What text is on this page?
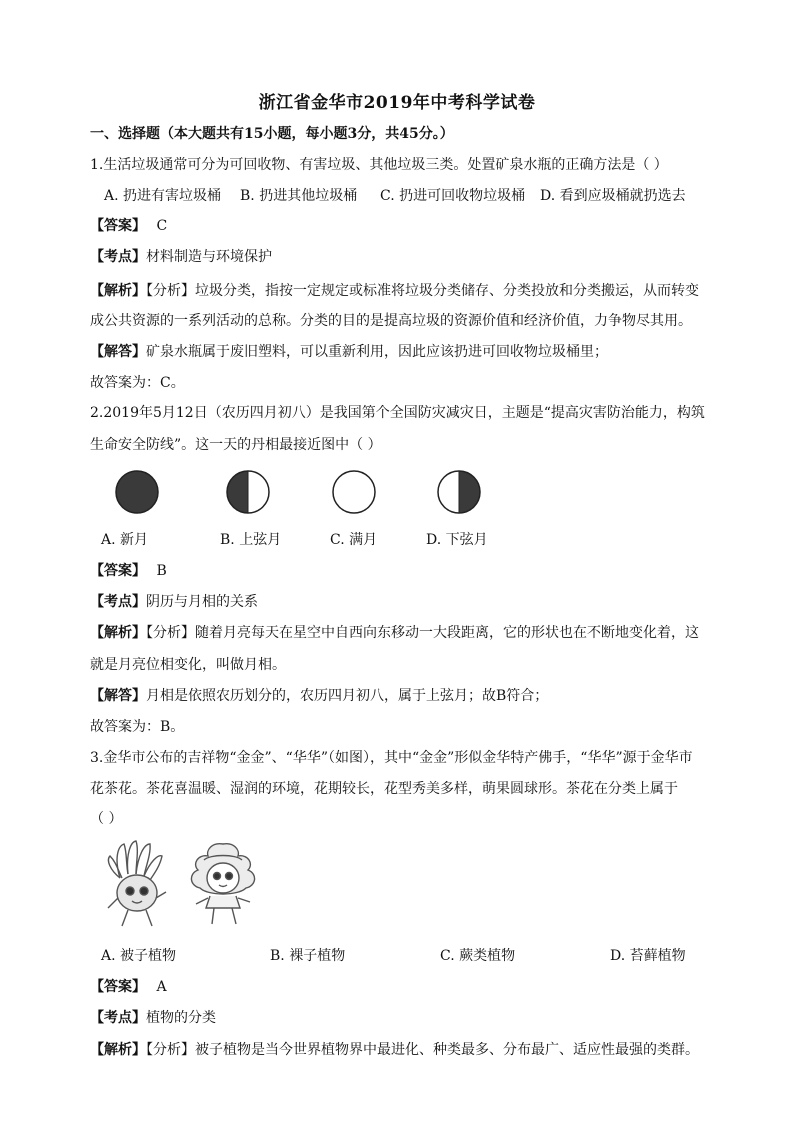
浙江省金华市2019年中考科学试卷
一、选择题（本大题共有15小题，每小题3分，共45分。）
1.生活垃圾通常可分为可回收物、有害垃圾、其他垃圾三类。处置矿泉水瓶的正确方法是（ ）
A. 扔进有害垃圾桶 B. 扔进其他垃圾桶 C. 扔进可回收物垃圾桶 D. 看到应圾桶就扔选去
【答案】 C
【考点】材料制造与环境保护
【解析】【分析】垃圾分类，指按一定规定或标准将垃圾分类储存、分类投放和分类搬运，从而转变
成公共资源的一系列活动的总称。分类的目的是提高垃圾的资源价值和经济价值，力争物尽其用。
【解答】矿泉水瓶属于废旧塑料，可以重新利用，因此应该扔进可回收物垃圾桶里；
故答案为：C。
2.2019年5月12日（农历四月初八）是我国第个全国防灾减灾日，主题是“提高灾害防治能力，构筑
生命安全防线”。这一天的丹相最接近图中（ ）
A. 新月	B. 上弦月	C. 满月	D. 下弦月
【答案】 B
【考点】阴历与月相的关系
【解析】【分析】随着月亮每天在星空中自西向东移动一大段距离，它的形状也在不断地变化着，这
就是月亮位相变化，叫做月相。
【解答】月相是依照农历划分的，农历四月初八，属于上弦月；故B符合；
故答案为：B。
3.金华市公布的吉祥物“金金”、“华华”（如图），其中“金金”形似金华特产佛手，“华华”源于金华市
花茶花。茶花喜温暖、湿润的环境，花期较长，花型秀美多样，萌果圆球形。茶花在分类上属于
（ ）
A. 被子植物	B. 裸子植物	C. 蕨类植物	D. 苔藓植物
【答案】 A
【考点】植物的分类
【解析】【分析】被子植物是当今世界植物界中最进化、种类最多、分布最广、适应性最强的类群。
